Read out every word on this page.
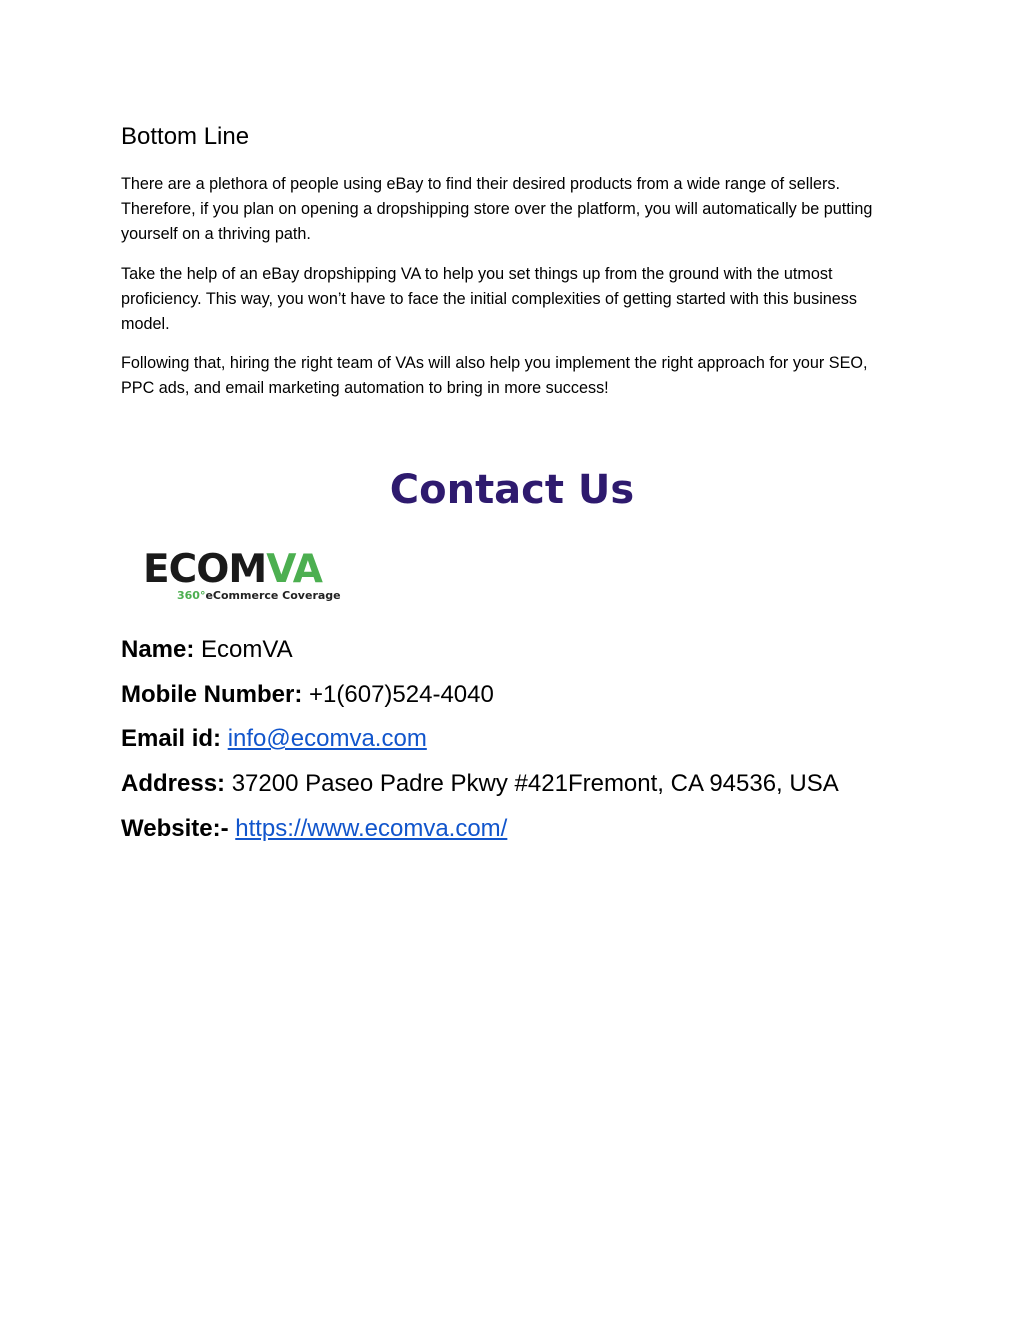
Bottom Line

There are a plethora of people using eBay to find their desired products from a wide range of sellers. Therefore, if you plan on opening a dropshipping store over the platform, you will automatically be putting yourself on a thriving path.

Take the help of an eBay dropshipping VA to help you set things up from the ground with the utmost proficiency. This way, you won’t have to face the initial complexities of getting started with this business model.

Following that, hiring the right team of VAs will also help you implement the right approach for your SEO, PPC ads, and email marketing automation to bring in more success!

Contact Us
ECOMVA
360°eCommerce Coverage

Name: EcomVA

Mobile Number: +1(607)524-4040

Email id: info@ecomva.com

Address: 37200 Paseo Padre Pkwy #421Fremont, CA 94536, USA

Website:- https://www.ecomva.com/
